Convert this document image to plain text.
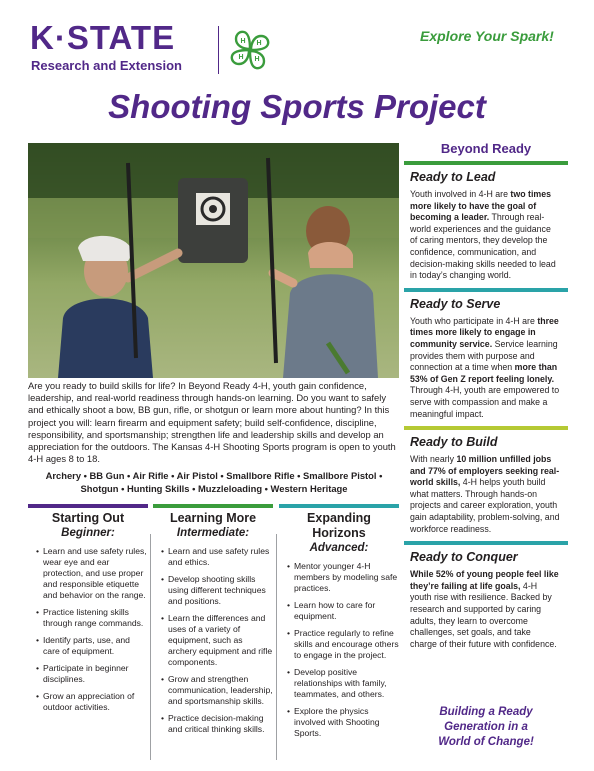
K·STATE
Research and Extension
H H
H
H
Explore Your Spark!
Shooting Sports Project
Are you ready to build skills for life? In Beyond Ready 4-H, youth gain confidence, leadership, and real-world readiness through hands-on learning. Do you want to safely and ethically shoot a bow, BB gun, rifle, or shotgun or learn more about hunting? In this project you will: learn firearm and equipment safety; build self-confidence, discipline, responsibility, and sportsmanship; strengthen life and leadership skills and develop an appreciation for the outdoors. The Kansas 4-H Shooting Sports program is open to youth 4-H ages 8 to 18.
Archery • BB Gun • Air Rifle • Air Pistol • Smallbore Rifle • Smallbore Pistol •
Shotgun • Hunting Skills • Muzzleloading • Western Heritage
Starting Out
Beginner:
• Learn and use safety rules, wear eye and ear protection, and use proper and responsible etiquette and behavior on the range.
• Practice listening skills through range commands.
• Identify parts, use, and care of equipment.
• Participate in beginner disciplines.
• Grow an appreciation of outdoor activities.
Learning More
Intermediate:
• Learn and use safety rules and ethics.
• Develop shooting skills using different techniques and positions.
• Learn the differences and uses of a variety of equipment, such as archery equipment and rifle components.
• Grow and strengthen communication, leadership, and sportsmanship skills.
• Practice decision-making and critical thinking skills.
Expanding Horizons
Advanced:
• Mentor younger 4-H members by modeling safe practices.
• Learn how to care for equipment.
• Practice regularly to refine skills and encourage others to engage in the project.
• Develop positive relationships with family, teammates, and others.
• Explore the physics involved with Shooting Sports.
Beyond Ready
Ready to Lead
Youth involved in 4-H are two times more likely to have the goal of becoming a leader. Through real-world experiences and the guidance of caring mentors, they develop the confidence, communication, and decision-making skills needed to lead in today’s changing world.
Ready to Serve
Youth who participate in 4-H are three times more likely to engage in community service. Service learning provides them with purpose and connection at a time when more than 53% of Gen Z report feeling lonely. Through 4-H, youth are empowered to serve with compassion and make a meaningful impact.
Ready to Build
With nearly 10 million unfilled jobs and 77% of employers seeking real-world skills, 4-H helps youth build what matters. Through hands-on projects and career exploration, youth gain adaptability, problem-solving, and workforce readiness.
Ready to Conquer
While 52% of young people feel like they’re failing at life goals, 4-H youth rise with resilience. Backed by research and supported by caring adults, they learn to overcome challenges, set goals, and take charge of their future with confidence.
Building a Ready
Generation in a
World of Change!
